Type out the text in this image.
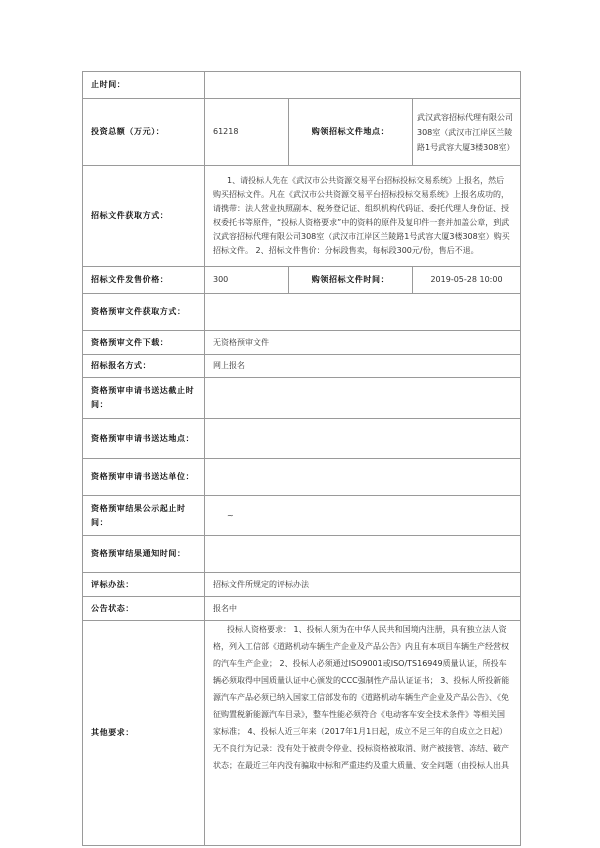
止时间：			
投资总额（万元）：	61218	购领招标文件地点：	武汉武容招标代理有限公司308室（武汉市江岸区兰陵路1号武容大厦3楼308室）
招标文件获取方式：	1、请投标人先在《武汉市公共资源交易平台招标投标交易系统》上报名，然后购买招标文件。凡在《武汉市公共资源交易平台招标投标交易系统》上报名成功的，请携带：法人营业执照副本、税务登记证、组织机构代码证、委托代理人身份证、授权委托书等原件，“投标人资格要求”中的资料的原件及复印件一套并加盖公章，到武汉武容招标代理有限公司308室（武汉市江岸区兰陵路1号武容大厦3楼308室）购买招标文件。 2、招标文件售价：分标段售卖，每标段300元/份，售后不退。		
招标文件发售价格：	300	购领招标文件时间：	2019-05-28 10:00
资格预审文件获取方式：			
资格预审文件下载：	无资格预审文件		
招标报名方式：	网上报名		
资格预审申请书送达截止时间：			
资格预审申请书送达地点：			
资格预审申请书送达单位：			
资格预审结果公示起止时间：	~		
资格预审结果通知时间：			
评标办法：	招标文件所规定的评标办法		
公告状态：	报名中		
其他要求：	投标人资格要求： 1、投标人须为在中华人民共和国境内注册，具有独立法人资格，列入工信部《道路机动车辆生产企业及产品公告》内且有本项目车辆生产经营权的汽车生产企业； 2、投标人必须通过ISO9001或ISO/TS16949质量认证，所投车辆必须取得中国质量认证中心颁发的CCC强制性产品认证证书； 3、投标人所投新能源汽车产品必须已纳入国家工信部发布的《道路机动车辆生产企业及产品公告》、《免征购置税新能源汽车目录》，整车性能必须符合《电动客车安全技术条件》等相关国家标准； 4、投标人近三年来（2017年1月1日起，成立不足三年的自成立之日起）无不良行为记录：没有处于被责令停业、投标资格被取消、财产被接管、冻结、破产状态；在最近三年内没有骗取中标和严重违约及重大质量、安全问题（由投标人出具		
